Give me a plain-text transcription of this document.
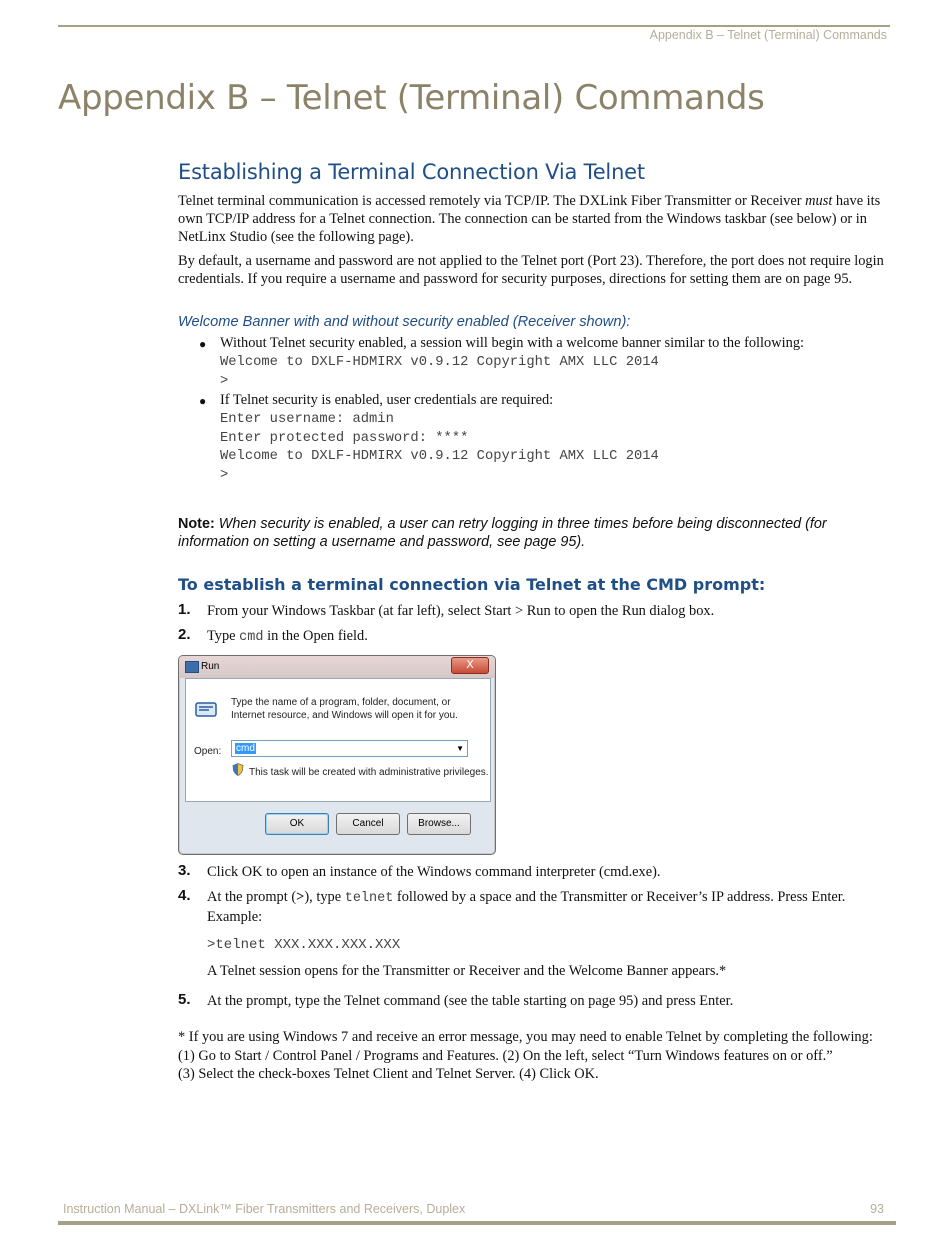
Appendix B – Telnet (Terminal) Commands
Appendix B – Telnet (Terminal) Commands
Establishing a Terminal Connection Via Telnet

Telnet terminal communication is accessed remotely via TCP/IP. The DXLink Fiber Transmitter or Receiver must have its own TCP/IP address for a Telnet connection. The connection can be started from the Windows taskbar (see below) or in NetLinx Studio (see the following page).

By default, a username and password are not applied to the Telnet port (Port 23). Therefore, the port does not require login credentials. If you require a username and password for security purposes, directions for setting them are on page 95.

Welcome Banner with and without security enabled (Receiver shown):
● Without Telnet security enabled, a session will begin with a welcome banner similar to the following:
Welcome to DXLF-HDMIRX v0.9.12 Copyright AMX LLC 2014
>
● If Telnet security is enabled, user credentials are required:
Enter username: admin
Enter protected password: ****
Welcome to DXLF-HDMIRX v0.9.12 Copyright AMX LLC 2014
>
Note: When security is enabled, a user can retry logging in three times before being disconnected (for information on setting a username and password, see page 95).
To establish a terminal connection via Telnet at the CMD prompt:
1. From your Windows Taskbar (at far left), select Start > Run to open the Run dialog box.
2. Type cmd in the Open field.
Run	X
Type the name of a program, folder, document, or Internet resource, and Windows will open it for you.
Open: cmd	▼
This task will be created with administrative privileges.
OK	Cancel	Browse...
3. Click OK to open an instance of the Windows command interpreter (cmd.exe).
4. At the prompt (>), type telnet followed by a space and the Transmitter or Receiver’s IP address. Press Enter. Example:
>telnet XXX.XXX.XXX.XXX
A Telnet session opens for the Transmitter or Receiver and the Welcome Banner appears.*
5. At the prompt, type the Telnet command (see the table starting on page 95) and press Enter.
* If you are using Windows 7 and receive an error message, you may need to enable Telnet by completing the following:
(1) Go to Start / Control Panel / Programs and Features. (2) On the left, select “Turn Windows features on or off.”
(3) Select the check-boxes Telnet Client and Telnet Server. (4) Click OK.
Instruction Manual – DXLink™ Fiber Transmitters and Receivers, Duplex	93
